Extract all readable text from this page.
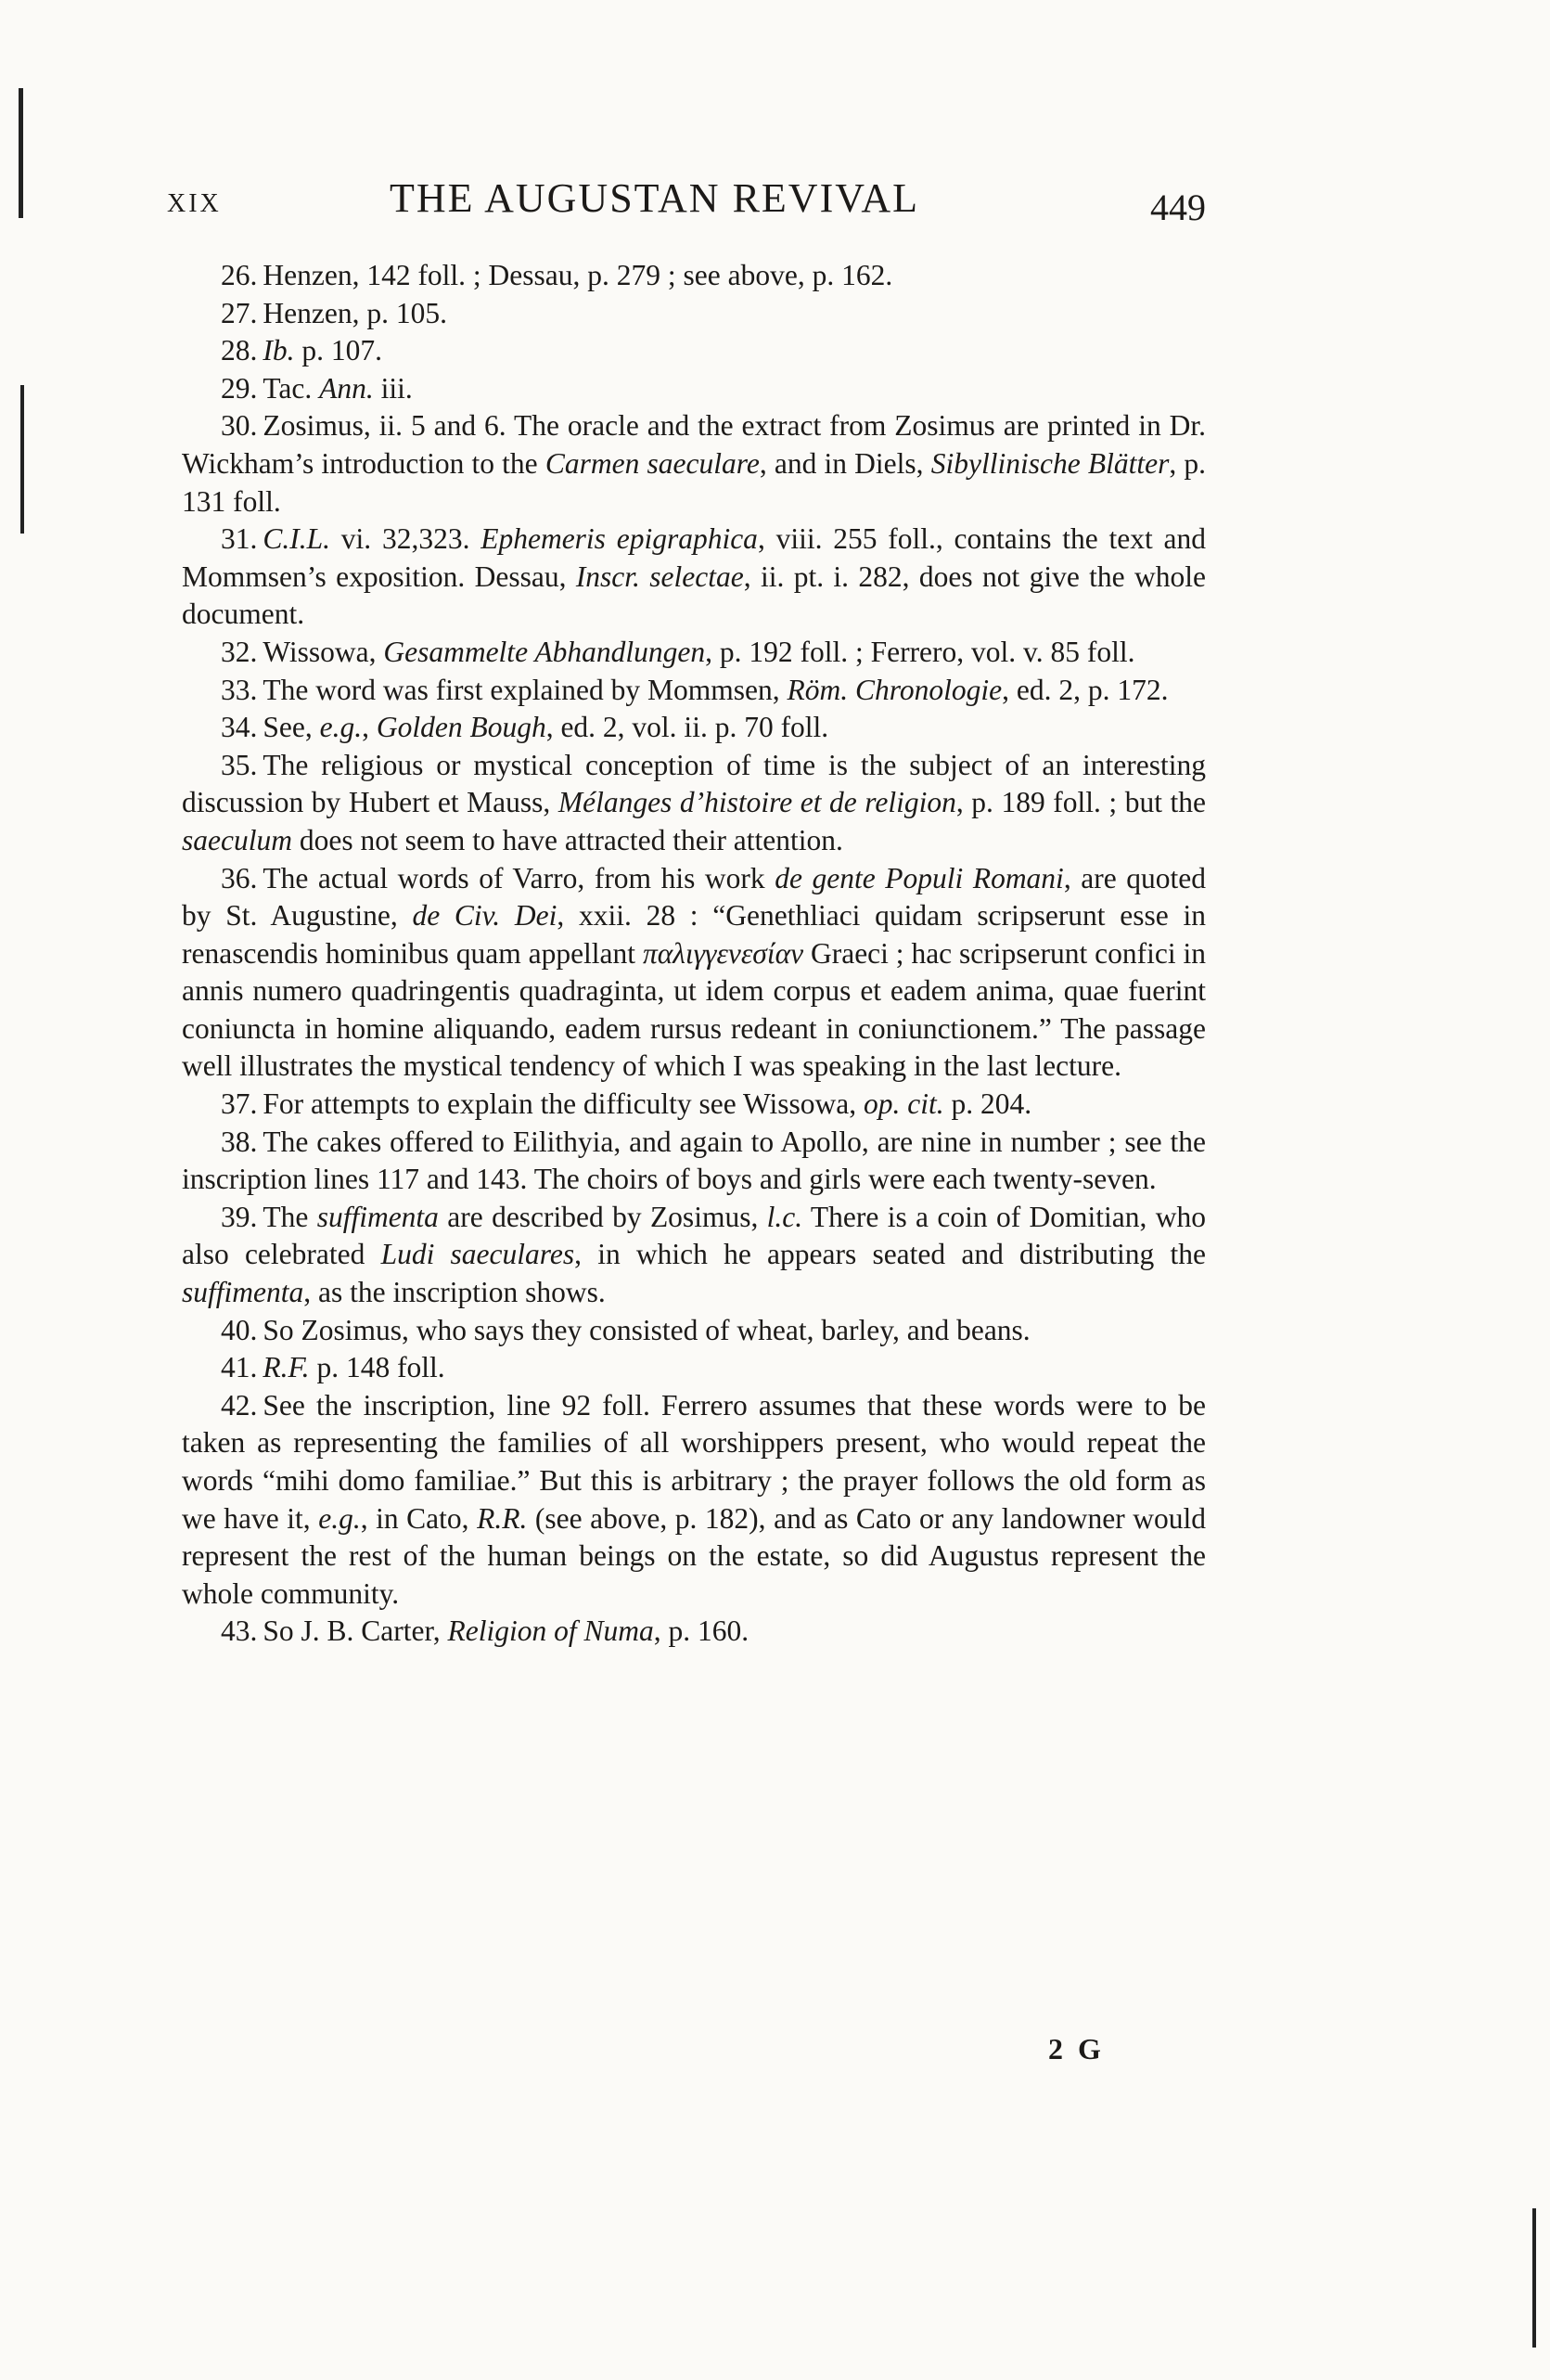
XIX	THE AUGUSTAN REVIVAL	449
26. Henzen, 142 foll. ; Dessau, p. 279 ; see above, p. 162.
27. Henzen, p. 105.
28. Ib. p. 107.
29. Tac. Ann. iii.
30. Zosimus, ii. 5 and 6. The oracle and the extract from Zosimus are printed in Dr. Wickham’s introduction to the Carmen saeculare, and in Diels, Sibyllinische Blätter, p. 131 foll.
31. C.I.L. vi. 32,323. Ephemeris epigraphica, viii. 255 foll., contains the text and Mommsen’s exposition. Dessau, Inscr. selectae, ii. pt. i. 282, does not give the whole document.
32. Wissowa, Gesammelte Abhandlungen, p. 192 foll. ; Ferrero, vol. v. 85 foll.
33. The word was first explained by Mommsen, Röm. Chronologie, ed. 2, p. 172.
34. See, e.g., Golden Bough, ed. 2, vol. ii. p. 70 foll.
35. The religious or mystical conception of time is the subject of an interesting discussion by Hubert et Mauss, Mélanges d’histoire et de religion, p. 189 foll. ; but the saeculum does not seem to have attracted their attention.
36. The actual words of Varro, from his work de gente Populi Romani, are quoted by St. Augustine, de Civ. Dei, xxii. 28 : “Genethliaci quidam scripserunt esse in renascendis hominibus quam appellant παλιγγενεσίαν Graeci ; hac scripserunt confici in annis numero quadringentis quadraginta, ut idem corpus et eadem anima, quae fuerint coniuncta in homine aliquando, eadem rursus redeant in coniunctionem.” The passage well illustrates the mystical tendency of which I was speaking in the last lecture.
37. For attempts to explain the difficulty see Wissowa, op. cit. p. 204.
38. The cakes offered to Eilithyia, and again to Apollo, are nine in number ; see the inscription lines 117 and 143. The choirs of boys and girls were each twenty-seven.
39. The suffimenta are described by Zosimus, l.c. There is a coin of Domitian, who also celebrated Ludi saeculares, in which he appears seated and distributing the suffimenta, as the inscription shows.
40. So Zosimus, who says they consisted of wheat, barley, and beans.
41. R.F. p. 148 foll.
42. See the inscription, line 92 foll. Ferrero assumes that these words were to be taken as representing the families of all worshippers present, who would repeat the words “mihi domo familiae.” But this is arbitrary ; the prayer follows the old form as we have it, e.g., in Cato, R.R. (see above, p. 182), and as Cato or any landowner would represent the rest of the human beings on the estate, so did Augustus represent the whole community.
43. So J. B. Carter, Religion of Numa, p. 160.
2 G
